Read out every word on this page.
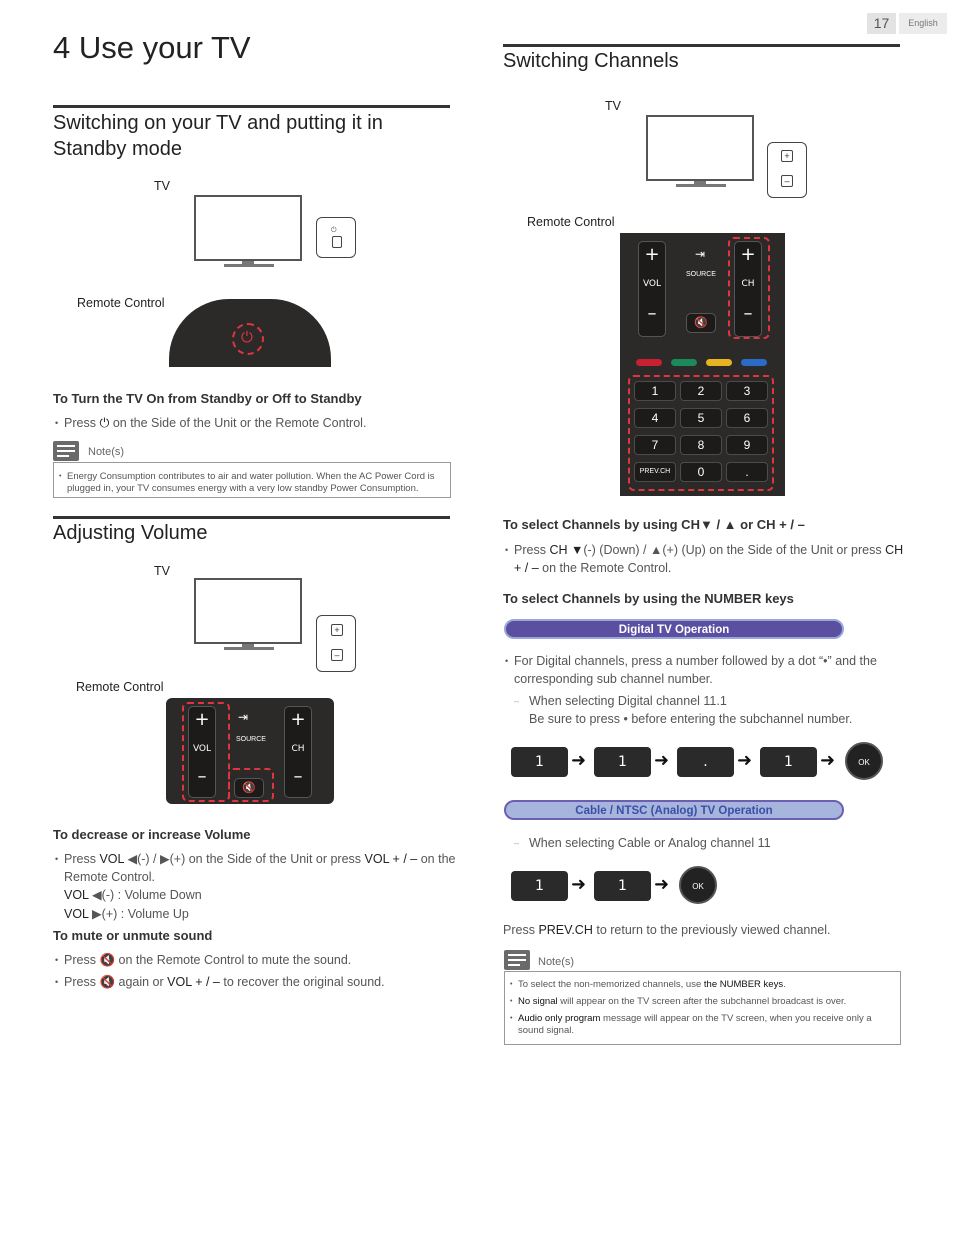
17	English
4 Use your TV
Switching on your TV and putting it in Standby mode
TV
⏻
Remote Control
⏻
To Turn the TV On from Standby or Off to Standby
• Press ⏻ on the Side of the Unit or the Remote Control.
Note(s)
• Energy Consumption contributes to air and water pollution. When the AC Power Cord is plugged in, your TV consumes energy with a very low standby Power Consumption.
Adjusting Volume
TV
+
–
Remote Control
+
VOL
–
⇥
SOURCE
+
CH
–
🔇
To decrease or increase Volume
• Press VOL ◀(-) / ▶(+) on the Side of the Unit or press VOL + / – on the Remote Control.
VOL ◀(-) : Volume Down
VOL ▶(+) : Volume Up
To mute or unmute sound
• Press 🔇 on the Remote Control to mute the sound.
• Press 🔇 again or VOL + / – to recover the original sound.
Switching Channels
TV
+
–
Remote Control
+
VOL
–
⇥
SOURCE
+
CH
–
🔇
1	2	3
4	5	6
7	8	9
PREV.CH	0	.
To select Channels by using CH▼ / ▲ or CH + / –
• Press CH ▼(-) (Down) / ▲(+) (Up) on the Side of the Unit or press CH + / – on the Remote Control.
To select Channels by using the NUMBER keys
Digital TV Operation
• For Digital channels, press a number followed by a dot “•” and the corresponding sub channel number.
– When selecting Digital channel 11.1
Be sure to press • before entering the subchannel number.
1	➜	1	➜	.	➜	1	➜	OK
Cable / NTSC (Analog) TV Operation
– When selecting Cable or Analog channel 11
1	➜	1	➜	OK
Press PREV.CH to return to the previously viewed channel.
Note(s)
• To select the non-memorized channels, use the NUMBER keys.
• No signal will appear on the TV screen after the subchannel broadcast is over.
• Audio only program message will appear on the TV screen, when you receive only a sound signal.
